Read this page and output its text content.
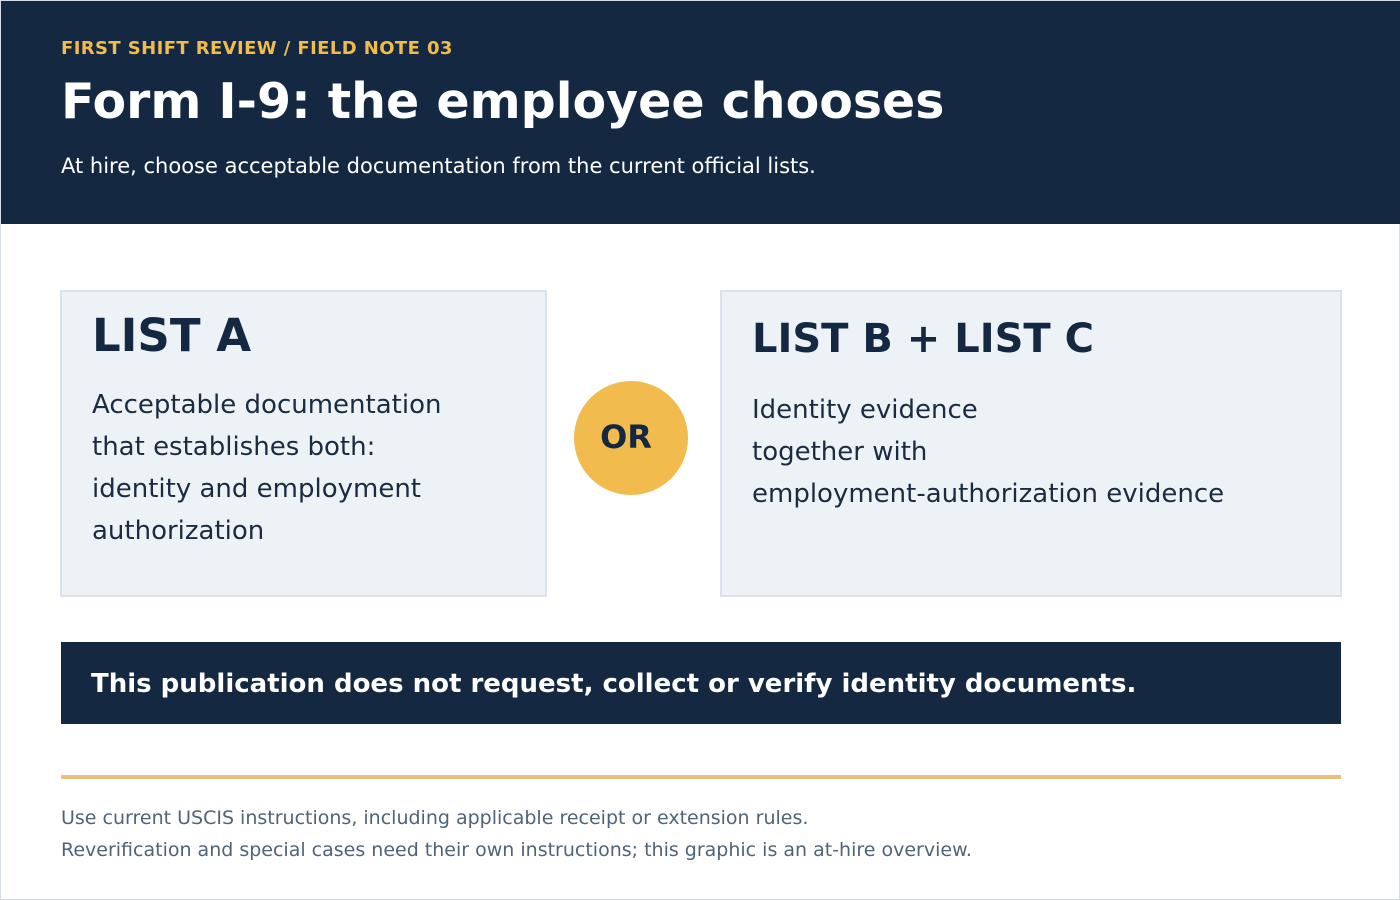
FIRST SHIFT REVIEW / FIELD NOTE 03
Form I-9: the employee chooses
At hire, choose acceptable documentation from the current official lists.
LIST A
Acceptable documentation
that establishes both:
identity and employment
authorization
OR
LIST B + LIST C
Identity evidence
together with
employment-authorization evidence
This publication does not request, collect or verify identity documents.
Use current USCIS instructions, including applicable receipt or extension rules.
Reverification and special cases need their own instructions; this graphic is an at-hire overview.
